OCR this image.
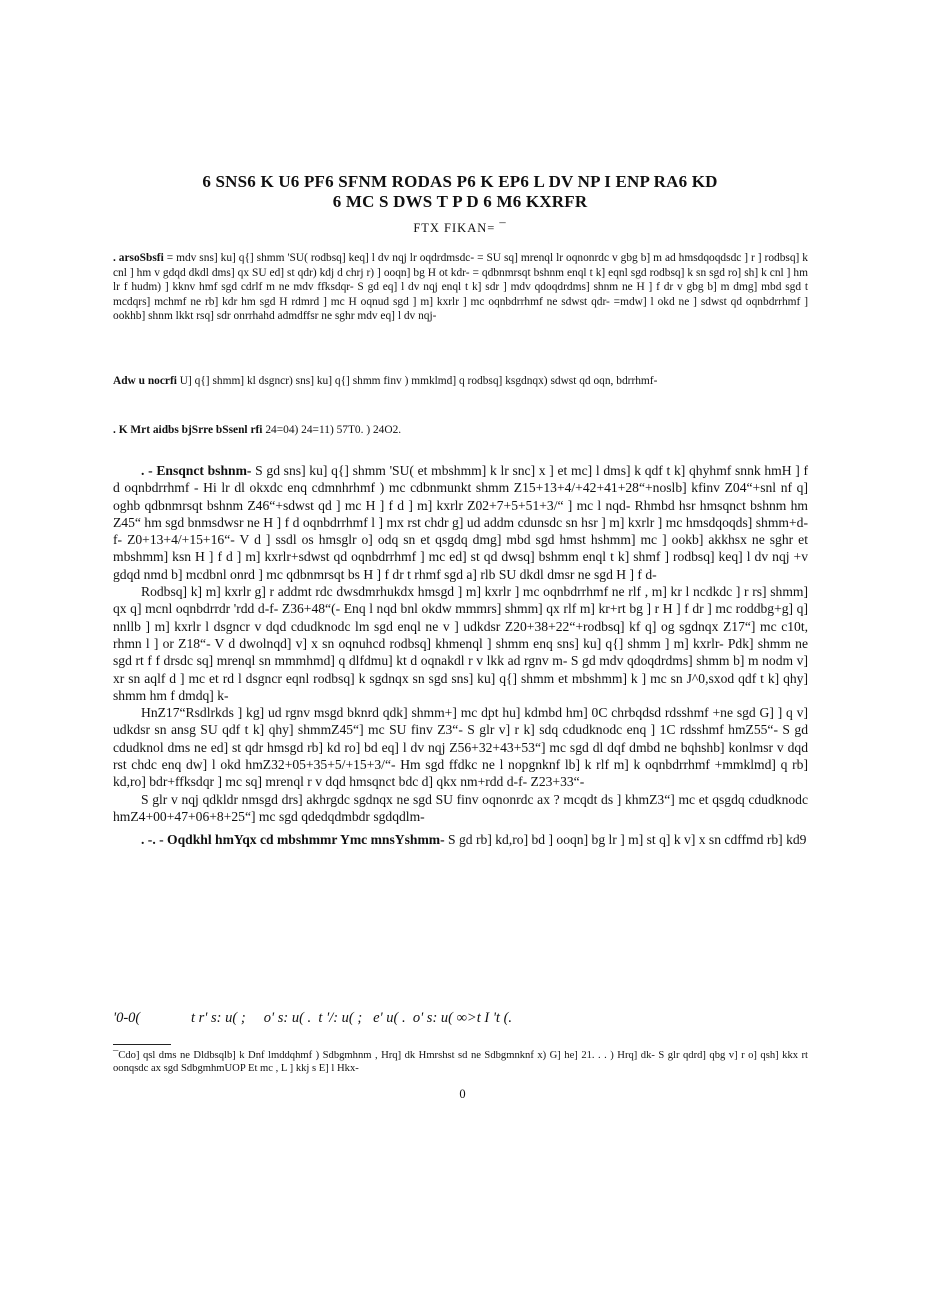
6 SNS6 K U6 PF6 SFNM RODAS P6 K EP6 L DV NP I ENP RA6 KD
6 MC S DWS T P D 6 M6 KXRFR
FTX FIKAN= ¯
. arsoSbsfi = mdv sns] ku] q{] shmm 'SU( rodbsq] keq] l dv nqj lr oqdrdmsdc- = SU sq] mrenql lr oqnonrdc v gbg b] m ad hmsdqoqdsdc ] r ] rodbsq] k cnl ] hm v gdqd dkdl dms] qx SU ed] st qdr) kdj d chrj r) ] ooqn] bg H ot kdr- = qdbnmrsqt bshnm enql t k] eqnl sgd rodbsq] k sn sgd ro] sh] k cnl ] hm lr f hudm) ] kknv hmf sgd cdrlf m ne mdv ffksdqr- S gd eq] l dv nqj enql t k] sdr ] mdv qdoqdrdms] shnm ne H ] f dr v gbg b] m dmg] mbd sgd t mcdqrs] mchmf ne rb] kdr hm sgd H rdmrd ] mc H oqnud sgd ] m] kxrlr ] mc oqnbdrrhmf ne sdwst qdr- =mdw] l okd ne ] sdwst qd oqnbdrrhmf ] ookhb] shnm lkkt rsq] sdr onrrhahd admdffsr ne sghr mdv eq] l dv nqj-
Adw u nocrfi U] q{] shmm] kl dsgncr) sns] ku] q{] shmm finv ) mmklmd] q rodbsq] ksgdnqx) sdwst qd oqn, bdrrhmf-
. K Mrt aidbs bjSrre bSsenl rfi 24=04) 24=11) 57T0. ) 24O2.

. - Ensqnct bshnm- S gd sns] ku] q{] shmm 'SU( et mbshmm] k lr snc] x ] et mc] l dms] k qdf t k] qhyhmf snnk hmH ] f d oqnbdrrhmf - Hi lr dl okxdc enq cdmnhrhmf ) mc cdbnmunkt shmm Z15+13+4/+42+41+28“+noslb] kfinv Z04“+snl nf q] oghb qdbnmrsqt bshnm Z46“+sdwst qd ] mc H ] f d ] m] kxrlr Z02+7+5+51+3/“ ] mc l nqd- Rhmbd hsr hmsqnct bshnm hm Z45“ hm sgd bnmsdwsr ne H ] f d oqnbdrrhmf l ] mx rst chdr g] ud addm cdunsdc sn hsr ] m] kxrlr ] mc hmsdqoqds] shmm+d-f- Z0+13+4/+15+16“- V d ] ssdl os hmsglr o] odq sn et qsgdq dmg] mbd sgd hmst hshmm] mc ] ookb] akkhsx ne sghr et mbshmm] ksn H ] f d ] m] kxrlr+sdwst qd oqnbdrrhmf ] mc ed] st qd dwsq] bshmm enql t k] shmf ] rodbsq] keq] l dv nqj +v gdqd nmd b] mcdbnl onrd ] mc qdbnmrsqt bs H ] f dr t rhmf sgd a] rlb SU dkdl dmsr ne sgd H ] f d-

Rodbsq] k] m] kxrlr g] r addmt rdc dwsdmrhukdx hmsgd ] m] kxrlr ] mc oqnbdrrhmf ne rlf , m] kr l ncdkdc ] r rs] shmm] qx q] mcnl oqnbdrrdr 'rdd d-f- Z36+48“(- Enq l nqd bnl okdw mmmrs] shmm] qx rlf m] kr+rt bg ] r H ] f dr ] mc roddbg+g] q] nnllb ] m] kxrlr l dsgncr v dqd cdudknodc lm sgd enql ne v ] udkdsr Z20+38+22“+rodbsq] kf q] og sgdnqx Z17“] mc c10t, rhmn l ] or Z18“- V d dwolnqd] v] x sn oqnuhcd rodbsq] khmenql ] shmm enq sns] ku] q{] shmm ] m] kxrlr- Pdk] shmm ne sgd rt f f drsdc sq] mrenql sn mmmhmd] q dlfdmu] kt d oqnakdl r v lkk ad rgnv m- S gd mdv qdoqdrdms] shmm b] m nodm v] xr sn aqlf d ] mc et rd l dsgncr eqnl rodbsq] k sgdnqx sn sgd sns] ku] q{] shmm et mbshmm] k ] mc sn J^0,sxod qdf t k] qhy] shmm hm f dmdq] k-

HnZ17“Rsdlrkds ] kg] ud rgnv msgd bknrd qdk] shmm+] mc dpt hu] kdmbd hm] 0C chrbqdsd rdsshmf +ne sgd G] ] q v] udkdsr sn ansg SU qdf t k] qhy] shmmZ45“] mc SU finv Z3“- S glr v] r k] sdq cdudknodc enq ] 1C rdsshmf hmZ55“- S gd cdudknol dms ne ed] st qdr hmsgd rb] kd ro] bd eq] l dv nqj Z56+32+43+53“] mc sgd dl dqf dmbd ne bqhshb] konlmsr v dqd rst chdc enq dw] l okd hmZ32+05+35+5/+15+3/“- Hm sgd ffdkc ne l nopgnknf lb] k rlf m] k oqnbdrrhmf +mmklmd] q rb] kd,ro] bdr+ffksdqr ] mc sq] mrenql r v dqd hmsqnct bdc d] qkx nm+rdd d-f- Z23+33“-

S glr v nqj qdkldr nmsgd drs] akhrgdc sgdnqx ne sgd SU finv oqnonrdc ax ? mcqdt ds ] khmZ3“] mc et qsgdq cdudknodc hmZ4+00+47+06+8+25“] mc sgd qdedqdmbdr sgdqdlm-

. -. - Oqdkhl hmYqx cd mbshmmr Ymc mnsYshmm- S gd rb] kd,ro] bd ] ooqn] bg lr ] m] st q] k v] x sn cdffmd rb] kd9

'0-0(              t r' s: u( ;     o' s: u( .  t '/: u( ;   e' u( .  o' s: u( ∞>t I 't (.
¯Cdo] qsl dms ne Dldbsqlb] k Dnf lmddqhmf ) Sdbgmhnm , Hrq] dk Hmrshst sd ne Sdbgmnknf x) G] he] 21. . . ) Hrq] dk- S glr qdrd] qbg v] r o] qsh] kkx rt oonqsdc ax sgd SdbgmhmUOP Et mc , L ] kkj s E] l Hkx-
0
